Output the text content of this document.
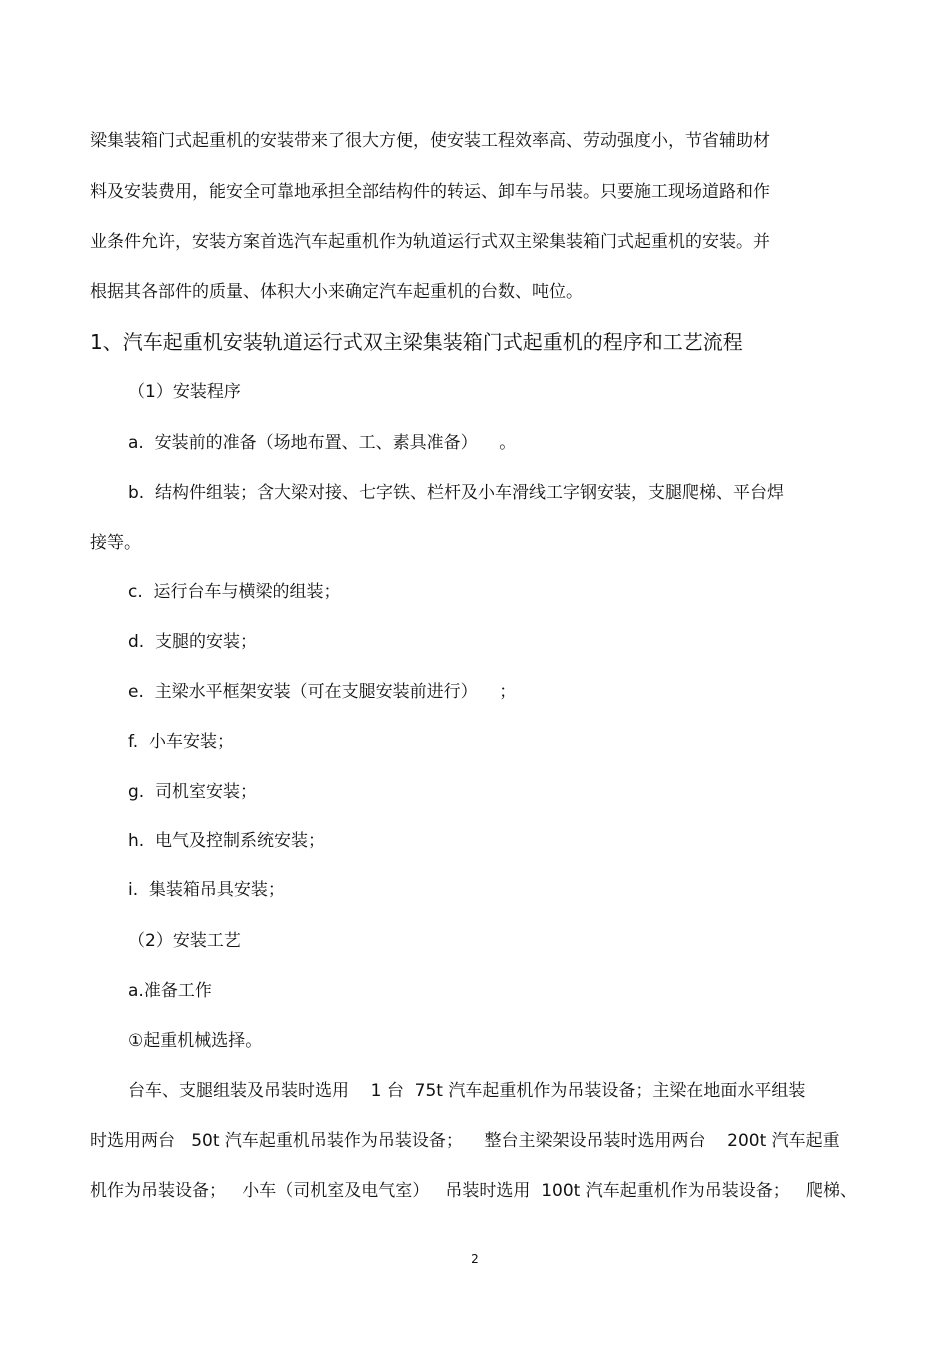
梁集装箱门式起重机的安装带来了很大方便，使安装工程效率高、劳动强度小，节省辅助材

料及安装费用，能安全可靠地承担全部结构件的转运、卸车与吊装。只要施工现场道路和作

业条件允许，安装方案首选汽车起重机作为轨道运行式双主梁集装箱门式起重机的安装。并

根据其各部件的质量、体积大小来确定汽车起重机的台数、吨位。

1、汽车起重机安装轨道运行式双主梁集装箱门式起重机的程序和工艺流程

（1）安装程序

a.  安装前的准备（场地布置、工、素具准备）    。

b.  结构件组装；含大梁对接、七字铁、栏杆及小车滑线工字钢安装，支腿爬梯、平台焊

接等。

c.  运行台车与横梁的组装；

d.  支腿的安装；

e.  主梁水平框架安装（可在支腿安装前进行）    ；

f.  小车安装；

g.  司机室安装；

h.  电气及控制系统安装；

i.  集装箱吊具安装；

（2）安装工艺

a.准备工作

①起重机械选择。

台车、支腿组装及吊装时选用    1 台  75t 汽车起重机作为吊装设备；主梁在地面水平组装

时选用两台   50t 汽车起重机吊装作为吊装设备；    整台主梁架设吊装时选用两台    200t 汽车起重

机作为吊装设备；   小车（司机室及电气室）   吊装时选用  100t 汽车起重机作为吊装设备；   爬梯、

2
